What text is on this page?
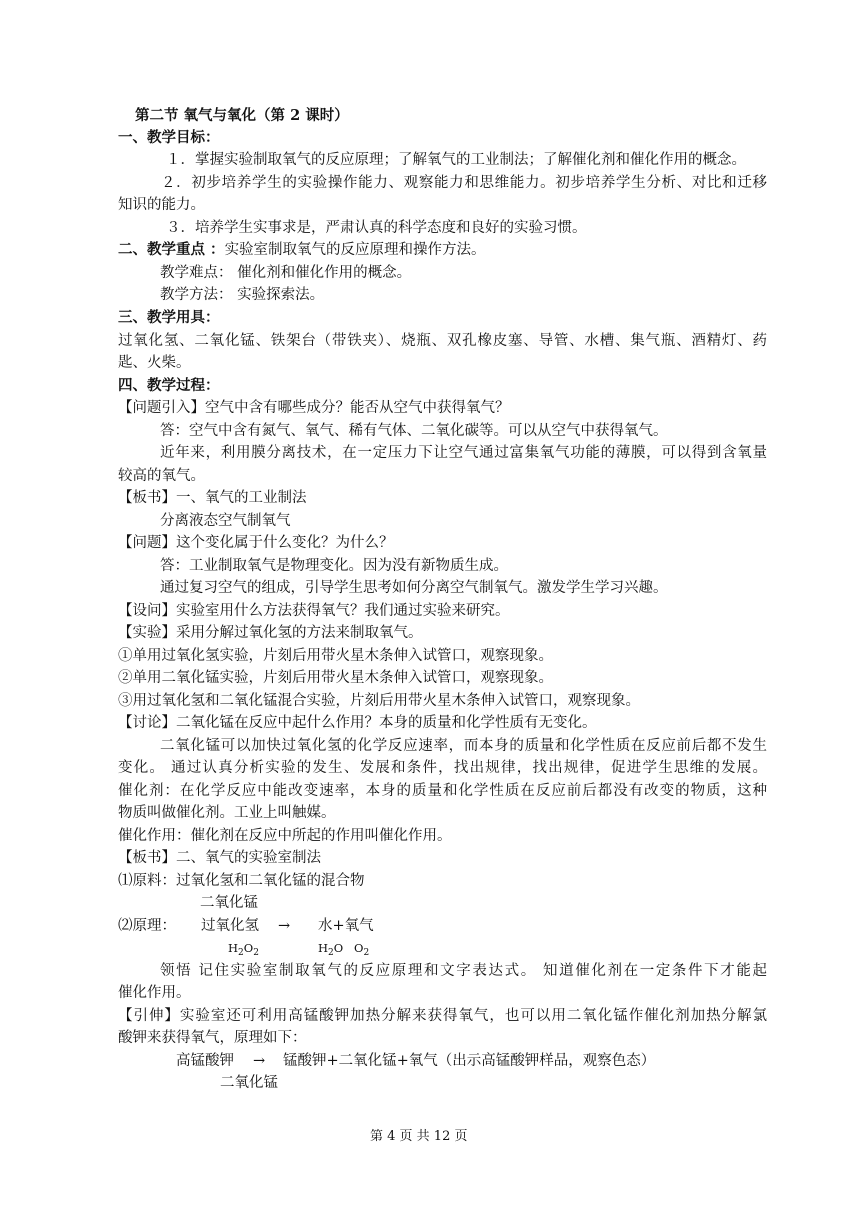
第二节 氧气与氧化（第 2 课时）
一、教学目标：
１．掌握实验制取氧气的反应原理；了解氧气的工业制法；了解催化剂和催化作用的概念。
２．初步培养学生的实验操作能力、观察能力和思维能力。初步培养学生分析、对比和迁移
知识的能力。
３．培养学生实事求是，严肃认真的科学态度和良好的实验习惯。
二、教学重点 ：实验室制取氧气的反应原理和操作方法。
教学难点： 催化剂和催化作用的概念。
教学方法： 实验探索法。
三、教学用具：
过氧化氢、二氧化锰、铁架台（带铁夹）、烧瓶、双孔橡皮塞、导管、水槽、集气瓶、酒精灯、药
匙、火柴。
四、教学过程：
【问题引入】空气中含有哪些成分？能否从空气中获得氧气？
答：空气中含有氮气、氧气、稀有气体、二氧化碳等。可以从空气中获得氧气。
近年来，利用膜分离技术，在一定压力下让空气通过富集氧气功能的薄膜，可以得到含氧量
较高的氧气。
【板书】一、氧气的工业制法
分离液态空气制氧气
【问题】这个变化属于什么变化？为什么？
答：工业制取氧气是物理变化。因为没有新物质生成。
通过复习空气的组成，引导学生思考如何分离空气制氧气。激发学生学习兴趣。
【设问】实验室用什么方法获得氧气？我们通过实验来研究。
【实验】采用分解过氧化氢的方法来制取氧气。
①单用过氧化氢实验，片刻后用带火星木条伸入试管口，观察现象。
②单用二氧化锰实验，片刻后用带火星木条伸入试管口，观察现象。
③用过氧化氢和二氧化锰混合实验，片刻后用带火星木条伸入试管口，观察现象。
【讨论】二氧化锰在反应中起什么作用？本身的质量和化学性质有无变化。
二氧化锰可以加快过氧化氢的化学反应速率，而本身的质量和化学性质在反应前后都不发生
变化。 通过认真分析实验的发生、发展和条件，找出规律，找出规律，促进学生思维的发展。
催化剂：在化学反应中能改变速率，本身的质量和化学性质在反应前后都没有改变的物质，这种
物质叫做催化剂。工业上叫触媒。
催化作用：催化剂在反应中所起的作用叫催化作用。
【板书】二、氧气的实验室制法
⑴原料：过氧化氢和二氧化锰的混合物
二氧化锰
⑵原理： 过氧化氢 → 水+氧气
$H_2O_2$	$H_2O$ $O_2$
领悟 记住实验室制取氧气的反应原理和文字表达式。 知道催化剂在一定条件下才能起
催化作用。
【引伸】实验室还可利用高锰酸钾加热分解来获得氧气，也可以用二氧化锰作催化剂加热分解氯
酸钾来获得氧气，原理如下：
高锰酸钾 → 锰酸钾+二氧化锰+氧气（出示高锰酸钾样品，观察色态）
二氧化锰
第 4 页 共 12 页
